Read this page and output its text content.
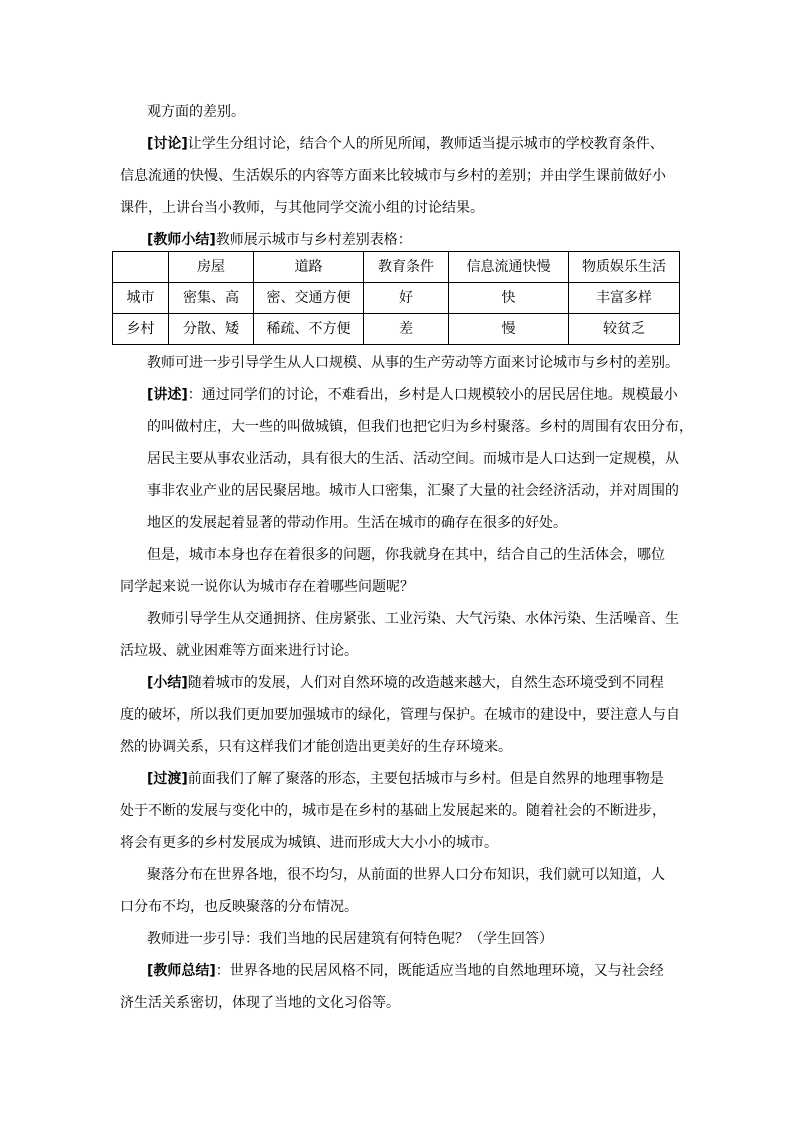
观方面的差别。
[讨论]让学生分组讨论，结合个人的所见所闻，教师适当提示城市的学校教育条件、
信息流通的快慢、生活娱乐的内容等方面来比较城市与乡村的差别；并由学生课前做好小
课件，上讲台当小教师，与其他同学交流小组的讨论结果。
[教师小结]教师展示城市与乡村差别表格：
	房屋	道路	教育条件	信息流通快慢	物质娱乐生活
城市	密集、高	密、交通方便	好	快	丰富多样
乡村	分散、矮	稀疏、不方便	差	慢	较贫乏
教师可进一步引导学生从人口规模、从事的生产劳动等方面来讨论城市与乡村的差别。
[讲述]：通过同学们的讨论，不难看出，乡村是人口规模较小的居民居住地。规模最小
的叫做村庄，大一些的叫做城镇，但我们也把它归为乡村聚落。乡村的周围有农田分布，
居民主要从事农业活动，具有很大的生活、活动空间。而城市是人口达到一定规模，从
事非农业产业的居民聚居地。城市人口密集，汇聚了大量的社会经济活动，并对周围的
地区的发展起着显著的带动作用。生活在城市的确存在很多的好处。
但是，城市本身也存在着很多的问题，你我就身在其中，结合自己的生活体会，哪位
同学起来说一说你认为城市存在着哪些问题呢？
教师引导学生从交通拥挤、住房紧张、工业污染、大气污染、水体污染、生活噪音、生
活垃圾、就业困难等方面来进行讨论。
[小结]随着城市的发展，人们对自然环境的改造越来越大，自然生态环境受到不同程
度的破坏，所以我们更加要加强城市的绿化，管理与保护。在城市的建设中，要注意人与自
然的协调关系，只有这样我们才能创造出更美好的生存环境来。
[过渡]前面我们了解了聚落的形态，主要包括城市与乡村。但是自然界的地理事物是
处于不断的发展与变化中的，城市是在乡村的基础上发展起来的。随着社会的不断进步，
将会有更多的乡村发展成为城镇、进而形成大大小小的城市。
聚落分布在世界各地，很不均匀，从前面的世界人口分布知识，我们就可以知道，人
口分布不均，也反映聚落的分布情况。
教师进一步引导：我们当地的民居建筑有何特色呢？（学生回答）
[教师总结]：世界各地的民居风格不同，既能适应当地的自然地理环境，又与社会经
济生活关系密切，体现了当地的文化习俗等。
